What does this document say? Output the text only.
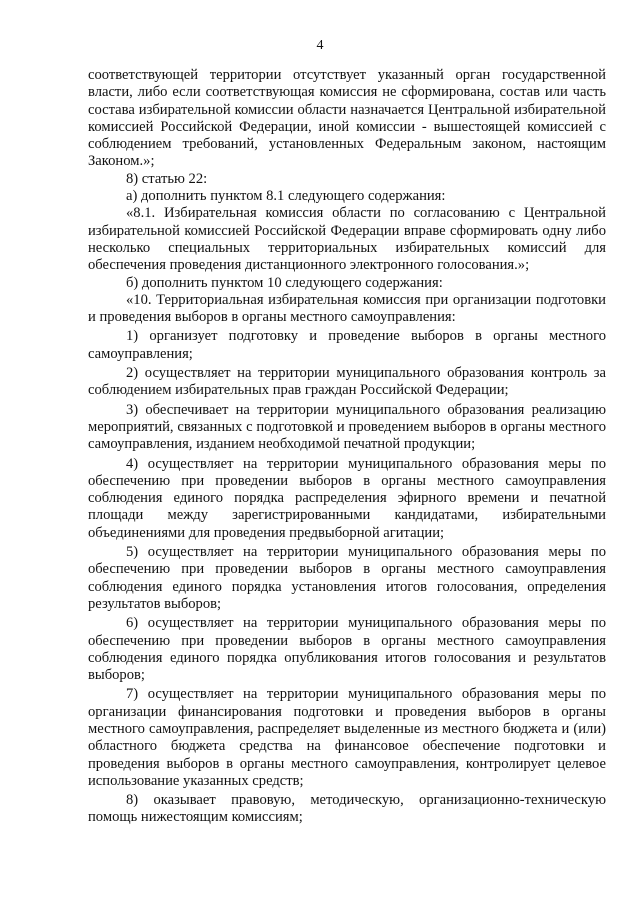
4

соответствующей территории отсутствует указанный орган государственной власти, либо если соответствующая комиссия не сформирована, состав или часть состава избирательной комиссии области назначается Центральной избирательной комиссией Российской Федерации, иной комиссии - вышестоящей комиссией с соблюдением требований, установленных Федеральным законом, настоящим Законом.»;

8) статью 22:

а) дополнить пунктом 8.1 следующего содержания:

«8.1. Избирательная комиссия области по согласованию с Центральной избирательной комиссией Российской Федерации вправе сформировать одну либо несколько специальных территориальных избирательных комиссий для обеспечения проведения дистанционного электронного голосования.»;

б) дополнить пунктом 10 следующего содержания:

«10. Территориальная избирательная комиссия при организации подготовки и проведения выборов в органы местного самоуправления:

1) организует подготовку и проведение выборов в органы местного самоуправления;

2) осуществляет на территории муниципального образования контроль за соблюдением избирательных прав граждан Российской Федерации;

3) обеспечивает на территории муниципального образования реализацию мероприятий, связанных с подготовкой и проведением выборов в органы местного самоуправления, изданием необходимой печатной продукции;

4) осуществляет на территории муниципального образования меры по обеспечению при проведении выборов в органы местного самоуправления соблюдения единого порядка распределения эфирного времени и печатной площади между зарегистрированными кандидатами, избирательными объединениями для проведения предвыборной агитации;

5) осуществляет на территории муниципального образования меры по обеспечению при проведении выборов в органы местного самоуправления соблюдения единого порядка установления итогов голосования, определения результатов выборов;

6) осуществляет на территории муниципального образования меры по обеспечению при проведении выборов в органы местного самоуправления соблюдения единого порядка опубликования итогов голосования и результатов выборов;

7) осуществляет на территории муниципального образования меры по организации финансирования подготовки и проведения выборов в органы местного самоуправления, распределяет выделенные из местного бюджета и (или) областного бюджета средства на финансовое обеспечение подготовки и проведения выборов в органы местного самоуправления, контролирует целевое использование указанных средств;

8) оказывает правовую, методическую, организационно-техническую помощь нижестоящим комиссиям;
